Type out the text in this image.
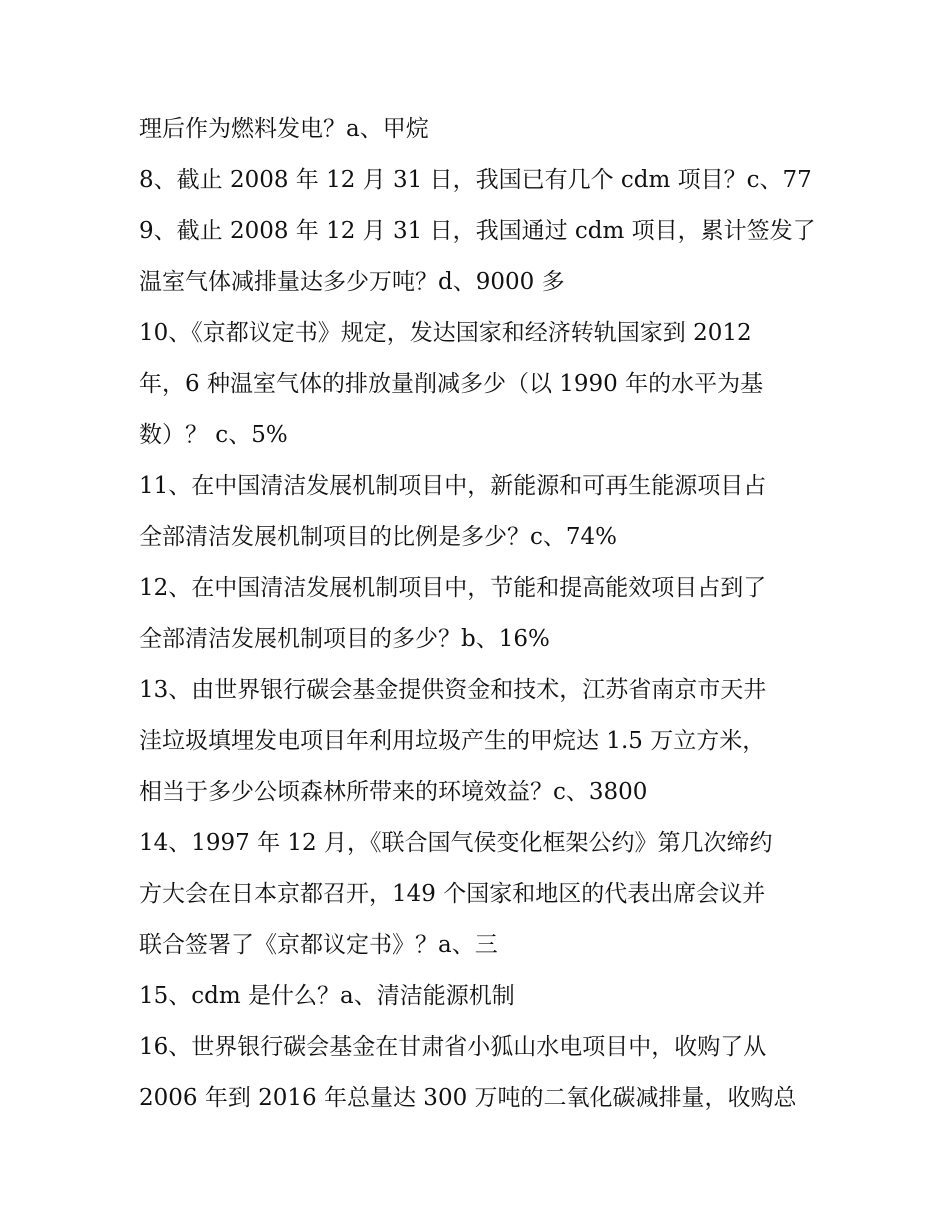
理后作为燃料发电？a、甲烷
8、截止 2008 年 12 月 31 日，我国已有几个 cdm 项目？c、77
9、截止 2008 年 12 月 31 日，我国通过 cdm 项目，累计签发了
温室气体减排量达多少万吨？d、9000 多
10、《京都议定书》规定，发达国家和经济转轨国家到 2012
年，6 种温室气体的排放量削减多少（以 1990 年的水平为基
数）？ c、5%
11、在中国清洁发展机制项目中，新能源和可再生能源项目占
全部清洁发展机制项目的比例是多少？c、74%
12、在中国清洁发展机制项目中，节能和提高能效项目占到了
全部清洁发展机制项目的多少？b、16%
13、由世界银行碳会基金提供资金和技术，江苏省南京市天井
洼垃圾填埋发电项目年利用垃圾产生的甲烷达 1.5 万立方米，
相当于多少公顷森林所带来的环境效益？c、3800
14、1997 年 12 月，《联合国气侯变化框架公约》第几次缔约
方大会在日本京都召开，149 个国家和地区的代表出席会议并
联合签署了《京都议定书》？a、三
15、cdm 是什么？a、清洁能源机制
16、世界银行碳会基金在甘肃省小狐山水电项目中，收购了从
2006 年到 2016 年总量达 300 万吨的二氧化碳减排量，收购总
